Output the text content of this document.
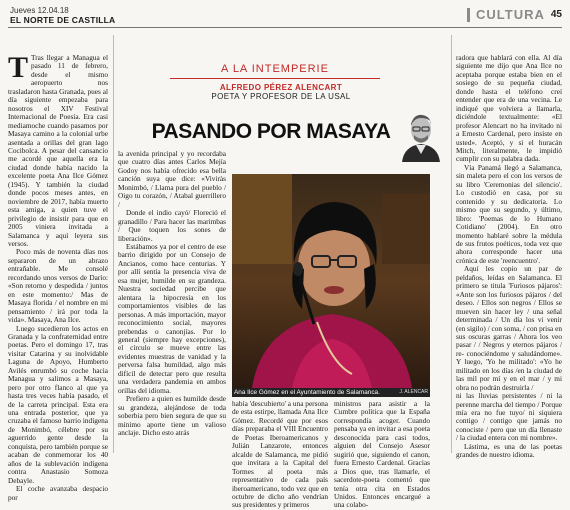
Jueves 12.04.18
EL NORTE DE CASTILLA	CULTURA 45

T Tras llegar a Managua el pasado 11 de febrero, desde el mismo aeropuerto nos trasladaron hasta Granada, pues al día siguiente empezaba para nosotros el XIV Festival Internacional de Poesía. Era casi mediamoche cuando pasamos por Masaya camino a la colonial urbe asentada a orillas del gran lago Cocibolca. A pesar del cansancio me acordé que aquella era la ciudad donde había nacido la excelente poeta Ana Ilce Gómez (1945). Y también la ciudad donde pocos meses antes, en noviembre de 2017, había muerto esta amiga, a quien tuve el privilegio de insistir para que en 2005 viniera invitada a Salamanca y aquí leyera sus versos.

Poco más de noventa días nos separaron de un abrazo entrañable. Me consolé recordando unos versos de Darío: «Son retorno y despedida / juntos en este momento:/ Mas de Masaya florida / el nombre en mi pensamiento / irá por toda la vida». Masaya, Ana Ilce.

Luego sucedieron los actos en Granada y la confraternidad entre poetas. Pero el domingo 17, tras visitar Catarina y su inolvidable Laguna de Apoyo, Humberto Avilés enrumbó su coche hacia Managua y salimos a Masaya, pero por otro flanco al que ya hasta tres veces había pasado, el de la carreta principal. Esta era una entrada posterior, que ya cruzaba el famoso barrio indígena de Monimbó, célebre por su aguerrido gente desde la conquista, pero también porque se acaban de conmemorar los 40 años de la sublevación indígena contra Anastasio Somoza Debayle.

El coche avanzaba despacio por

A LA INTEMPERIE
ALFREDO PÉREZ ALENCART
POETA Y PROFESOR DE LA USAL
PASANDO POR MASAYA

la avenida principal y yo recordaba que cuatro días antes Carlos Mejía Godoy nos había ofrecido esa bella canción suya que dice: «Viviràs Monimbó, / Llama pura del pueblo / Oigo tu corazón, / Atabal guerrillero /

Donde el indio cayó/ Floreció el granadillo / Para hacer las marimbas / Que toquen los sones de liberación».

Estábamos ya por el centro de ese barrio dirigido por un Consejo de Ancianos, como hace centurias. Y por allí sentía la presencia viva de esa mujer, humilde en su grandeza. Nuestra sociedad percibe que alentara la hipocresía en los comportamientos visibles de las personas. A más importación, mayor reconocimiento social, mayores prebendas o canonjías. Por lo general (siempre hay excepciones), el círculo se mueve entre las evidentes muestras de vanidad y la perversa falsa humildad, algo más difícil de detectar pero que resulta una verdadera pandemia en ambos orillas del idioma.

Prefiero a quien es humilde desde su grandeza, alejándose de toda soberbia pero bien segura de que su mínimo aporte tiene un valioso anclaje. Dicho esto atrás

Ana Ilce Gómez en el Ayuntamiento de Salamanca.	J. ALENCAR

había 'descubierto' a una persona de esta estirpe, llamada Ana Ilce Gómez. Recordé que por esos días preparaba el VIII Encuentro de Poetas Iberoamericanos y Julián Lanzarote, entonces alcalde de Salamanca, me pidió que invitara a la Capital del Tormes al poeta más representativo de cada país iberoamericano, todo vez que en octubre de dicho año vendrían sus presidentes y primeros

ministros para asistir a la Cumbre política que la España correspondía acoger. Cuando pensaba ya en invitar a esa poeta desconocida para casi todos, alguien del Consejo Asesor sugirió que, siguiendo el canon, fuera Ernesto Cardenal. Gracias a Dios que, tras llamarle, el sacerdote-poeta comentó que tenía otra cita en Estados Unidos. Entonces encargué a una colabo-

radora que hablará con ella. Al día siguiente me dijo que Ana Ilce no aceptaba porque estaba bien en el sosiego de su pequeña ciudad, donde hasta el teléfono creí entender que era de una vecina. Le indiqué que volviera a llamarla, diciéndole textualmente: «El profesor Alencart no ha invitado ni a Ernesto Cardenal, pero insiste en usted». Aceptó, y si el huracán Mitch, literalmente, le impidió cumplir con su palabra dada.

Vía Panamá llegó a Salamanca, sin maleta pero el con los versos de su libro 'Ceremonias del silencio'. Lo custodió en casa, por su contenido y su dedicatoria. Lo mismo que su segundo, y último, libro: 'Poemas de lo Humano Cotidiano' (2004). En otro momento hablaré sobre la médula de sus frutos poéticos, toda vez que ahora corresponde hacer una crónica de este 'reencuentro'.

Aquí les copio un par de peldaños, leídas en Salamanca. El primero se titula 'Furiosos pájaros': «Ante son los furiosos pájaros / del deseo. / Ellos son negros / Ellos se mueven sin hacer ley / una señal determinada / Un día los vi venir (en sigilo) / con soma, / con prisa en sus oscuras garras / Ahora los veo pasar / / Negros y eternos pájaros / re- conociéndome y saludándome». Y luego, 'Yo he militado': «Yo he militado en los días /en la ciudad de las mil por mí y en el mar / y mi obra no podrán destruirla /

ni las lluvias persistentes / ni la perenne marcha del tiempo / Porque mía era no fue tuyo/ ni siquiera contigo / contigo que jamás no conociste / pero que un día llenaste / la ciudad entera con mi nombre».

Lástima, es una de las poetas grandes de nuestro idioma.
